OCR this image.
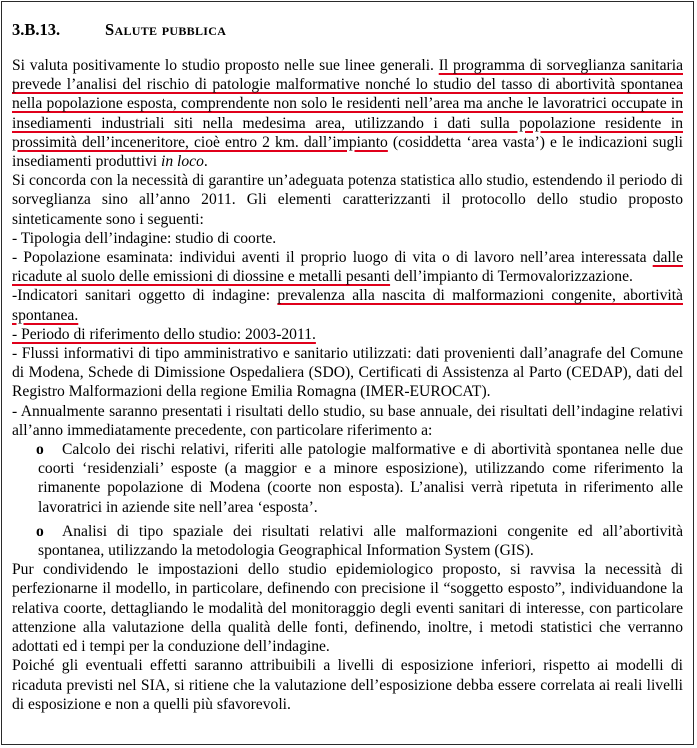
3.B.13.	Salute pubblica

Si valuta positivamente lo studio proposto nelle sue linee generali. Il programma di sorveglianza sanitaria prevede l’analisi del rischio di patologie malformative nonché lo studio del tasso di abortività spontanea nella popolazione esposta, comprendente non solo le residenti nell’area ma anche le lavoratrici occupate in insediamenti industriali siti nella medesima area, utilizzando i dati sulla popolazione residente in prossimità dell’inceneritore, cioè entro 2 km. dall’impianto (cosiddetta ‘area vasta’) e le indicazioni sugli insediamenti produttivi in loco.

Si concorda con la necessità di garantire un’adeguata potenza statistica allo studio, estendendo il periodo di sorveglianza sino all’anno 2011. Gli elementi caratterizzanti il protocollo dello studio proposto sinteticamente sono i seguenti:

- Tipologia dell’indagine: studio di coorte.

- Popolazione esaminata: individui aventi il proprio luogo di vita o di lavoro nell’area interessata dalle ricadute al suolo delle emissioni di diossine e metalli pesanti dell’impianto di Termovalorizzazione.

-Indicatori sanitari oggetto di indagine: prevalenza alla nascita di malformazioni congenite, abortività spontanea.

- Periodo di riferimento dello studio: 2003-2011.

- Flussi informativi di tipo amministrativo e sanitario utilizzati: dati provenienti dall’anagrafe del Comune di Modena, Schede di Dimissione Ospedaliera (SDO), Certificati di Assistenza al Parto (CEDAP), dati del Registro Malformazioni della regione Emilia Romagna (IMER-EUROCAT).

- Annualmente saranno presentati i risultati dello studio, su base annuale, dei risultati dell’indagine relativi all’anno immediatamente precedente, con particolare riferimento a:

o	Calcolo dei rischi relativi, riferiti alle patologie malformative e di abortività spontanea nelle due coorti ‘residenziali’ esposte (a maggior e a minore esposizione), utilizzando come riferimento la rimanente popolazione di Modena (coorte non esposta). L’analisi verrà ripetuta in riferimento alle lavoratrici in aziende site nell’area ‘esposta’.

o	Analisi di tipo spaziale dei risultati relativi alle malformazioni congenite ed all’abortività spontanea, utilizzando la metodologia Geographical Information System (GIS).

Pur condividendo le impostazioni dello studio epidemiologico proposto, si ravvisa la necessità di perfezionarne il modello, in particolare, definendo con precisione il “soggetto esposto”, individuandone la relativa coorte, dettagliando le modalità del monitoraggio degli eventi sanitari di interesse, con particolare attenzione alla valutazione della qualità delle fonti, definendo, inoltre, i metodi statistici che verranno adottati ed i tempi per la conduzione dell’indagine.

Poiché gli eventuali effetti saranno attribuibili a livelli di esposizione inferiori, rispetto ai modelli di ricaduta previsti nel SIA, si ritiene che la valutazione dell’esposizione debba essere correlata ai reali livelli di esposizione e non a quelli più sfavorevoli.
